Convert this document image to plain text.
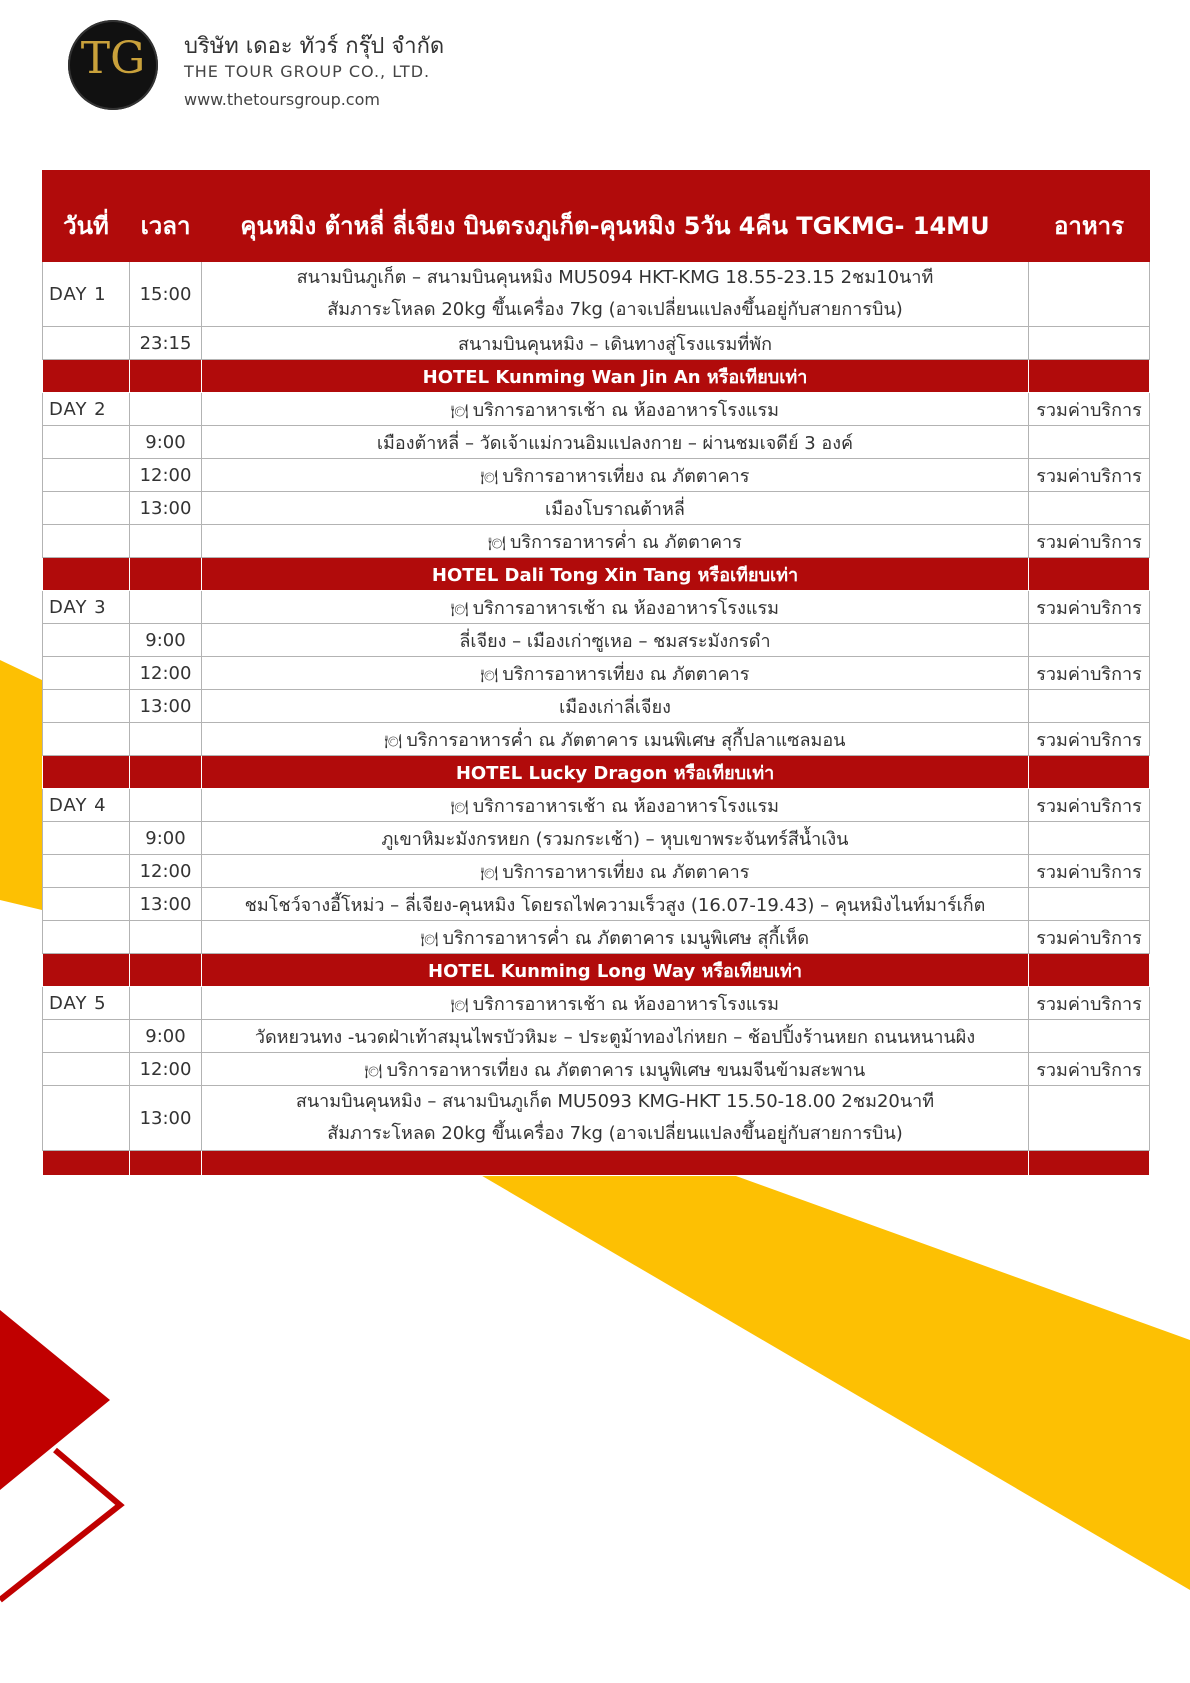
TG	บริษัท เดอะ ทัวร์ กรุ๊ป จำกัด
THE TOUR GROUP CO., LTD.
www.thetoursgroup.com
วันที่	เวลา	คุนหมิง ต้าหลี่ ลี่เจียง บินตรงภูเก็ต-คุนหมิง 5วัน 4คืน TGKMG- 14MU	อาหาร
DAY 1	15:00	สนามบินภูเก็ต – สนามบินคุนหมิง MU5094 HKT-KMG 18.55-23.15 2ชม10นาที
สัมภาระโหลด 20kg ขึ้นเครื่อง 7kg (อาจเปลี่ยนแปลงขึ้นอยู่กับสายการบิน)	

	23:15	สนามบินคุนหมิง – เดินทางสู่โรงแรมที่พัก	
		HOTEL Kunming Wan Jin An หรือเทียบเท่า	
DAY 2		🍽 บริการอาหารเช้า ณ ห้องอาหารโรงแรม	รวมค่าบริการ
	9:00	เมืองต้าหลี่ – วัดเจ้าแม่กวนอิมแปลงกาย – ผ่านชมเจดีย์ 3 องค์	
	12:00	🍽 บริการอาหารเที่ยง ณ ภัตตาคาร	รวมค่าบริการ
	13:00	เมืองโบราณต้าหลี่	
		🍽 บริการอาหารค่ำ ณ ภัตตาคาร	รวมค่าบริการ
		HOTEL Dali Tong Xin Tang หรือเทียบเท่า	
DAY 3		🍽 บริการอาหารเช้า ณ ห้องอาหารโรงแรม	รวมค่าบริการ
	9:00	ลี่เจียง – เมืองเก่าซูเหอ – ชมสระมังกรดำ	
	12:00	🍽 บริการอาหารเที่ยง ณ ภัตตาคาร	รวมค่าบริการ
	13:00	เมืองเก่าลี่เจียง	
		🍽 บริการอาหารค่ำ ณ ภัตตาคาร เมนพิเศษ สุกี้ปลาแซลมอน	รวมค่าบริการ
		HOTEL Lucky Dragon หรือเทียบเท่า	
DAY 4		🍽 บริการอาหารเช้า ณ ห้องอาหารโรงแรม	รวมค่าบริการ
	9:00	ภูเขาหิมะมังกรหยก (รวมกระเช้า) – หุบเขาพระจันทร์สีน้ำเงิน	
	12:00	🍽 บริการอาหารเที่ยง ณ ภัตตาคาร	รวมค่าบริการ
	13:00	ชมโชว์จางอี้โหม่ว – ลี่เจียง-คุนหมิง โดยรถไฟความเร็วสูง (16.07-19.43) – คุนหมิงไนท์มาร์เก็ต	
		🍽 บริการอาหารค่ำ ณ ภัตตาคาร เมนูพิเศษ สุกี้เห็ด	รวมค่าบริการ
		HOTEL Kunming Long Way หรือเทียบเท่า	
DAY 5		🍽 บริการอาหารเช้า ณ ห้องอาหารโรงแรม	รวมค่าบริการ
	9:00	วัดหยวนทง -นวดฝ่าเท้าสมุนไพรบัวหิมะ – ประตูม้าทองไก่หยก – ช้อปปิ้งร้านหยก ถนนหนานผิง	
	12:00	🍽 บริการอาหารเที่ยง ณ ภัตตาคาร เมนูพิเศษ ขนมจีนข้ามสะพาน	รวมค่าบริการ
	13:00	สนามบินคุนหมิง – สนามบินภูเก็ต MU5093 KMG-HKT 15.50-18.00 2ชม20นาที
สัมภาระโหลด 20kg ขึ้นเครื่อง 7kg (อาจเปลี่ยนแปลงขึ้นอยู่กับสายการบิน)	
